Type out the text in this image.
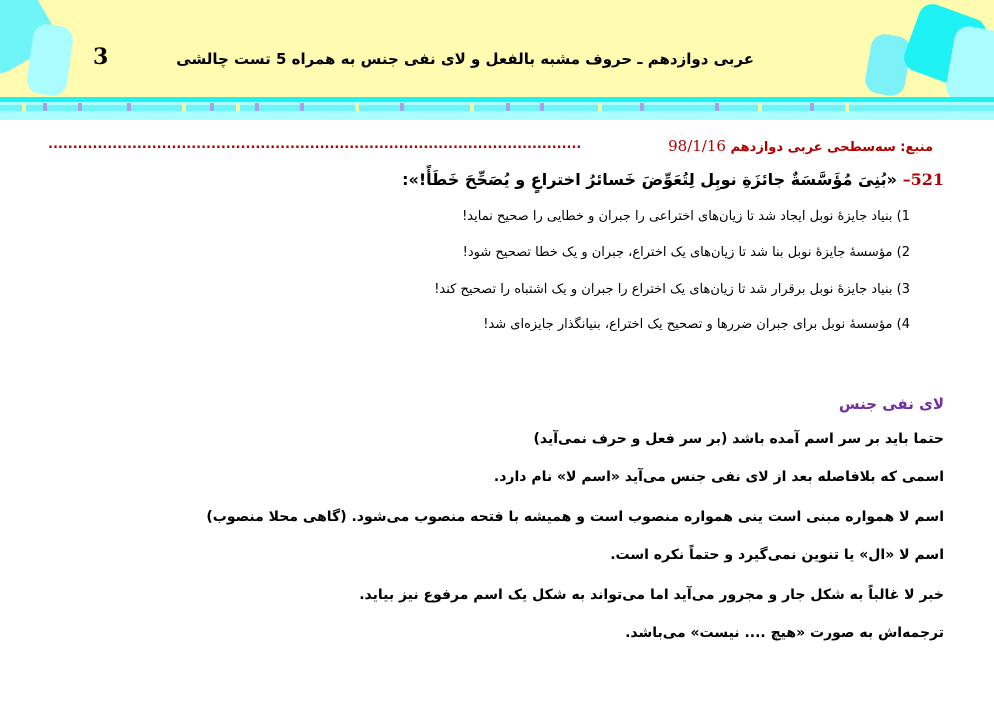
3	عربی دوازدهم ـ حروف مشبه بالفعل و لای نفی جنس به همراه 5 تست چالشی
منبع: سه‌سطحی عربی دوازدهم 98/1/16
............................................................................................................
521– «بُنِیَ مُؤَسَّسَةٌ جائزَةِ نوبِل لِتُعَوِّضَ خَسائرُ اختراعٍ و یُصَحِّحَ خَطَأً!»:
1) بنیاد جایزهٔ نوبل ایجاد شد تا زیان‌های اختراعی را جبران و خطایی را صحیح نماید!
2) مؤسسهٔ جایزهٔ نوبل بنا شد تا زیان‌های یک اختراع، جبران و یک خطا تصحیح شود!
3) بنیاد جایزهٔ نوبل برقرار شد تا زیان‌های یک اختراع را جبران و یک اشتباه را تصحیح کند!
4) مؤسسهٔ نوبل برای جبران ضررها و تصحیح یک اختراع، بنیانگذار جایزه‌ای شد!
لای نفی جنس
حتما باید بر سر اسم آمده باشد (بر سر فعل و حرف نمی‌آید)
اسمی که بلافاصله بعد از لای نفی جنس می‌آید «اسم لا» نام دارد.
اسم لا همواره مبنی است ینی همواره منصوب است و همیشه با فتحه منصوب می‌شود. (گاهی محلا منصوب)
اسم لا «ال» یا تنوین نمی‌گیرد و حتماً نکره است.
خبر لا غالباً به شکل جار و مجرور می‌آید اما می‌تواند به شکل یک اسم مرفوع نیز بیاید.
ترجمه‌اش به صورت «هیچ .... نیست» می‌باشد.
